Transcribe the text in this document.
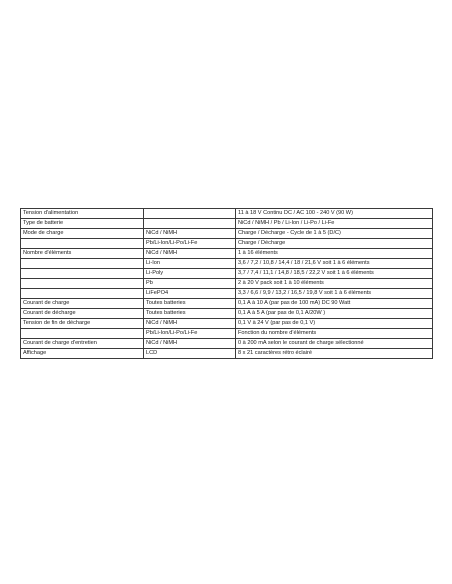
Tension d'alimentation		11 à 18 V Continu DC / AC 100 - 240 V (90 W)
Type de batterie		NiCd / NiMH / Pb / Li-Ion / Li-Po / Li-Fe
Mode de charge	NiCd / NiMH	Charge / Décharge - Cycle de 1 à 5 (D/C)
	Pb/Li-Ion/Li-Po/Li-Fe	Charge / Décharge
Nombre d'éléments	NiCd / NiMH	1 à 16 éléments
	Li-Ion	3,6 / 7,2 / 10,8 / 14,4 / 18 / 21,6 V soit 1 à 6 éléments
	Li-Poly	3,7 / 7,4 / 11,1 / 14,8 / 18,5 / 22,2 V soit 1 à 6 éléments
	Pb	2 à 20 V pack soit 1 à 10 éléments
	LiFePO4	3,3 / 6,6 / 9,9 / 13,2 / 16,5 / 19,8 V soit 1 à 6 éléments
Courant de charge	Toutes batteries	0,1 A à 10 A (par pas de 100 mA) DC 90 Watt
Courant de décharge	Toutes batteries	0,1 A à 5 A (par pas de 0,1 A/20W )
Tension de fin de décharge	NiCd / NiMH	0,1 V à 24 V (par pas de 0,1 V)
	Pb/Li-Ion/Li-Po/Li-Fe	Fonction du nombre d'éléments
Courant de charge d'entretien	NiCd / NiMH	0 à 200 mA selon le courant de charge sélectionné
Affichage	LCD	8 x 21 caractères rétro éclairé
